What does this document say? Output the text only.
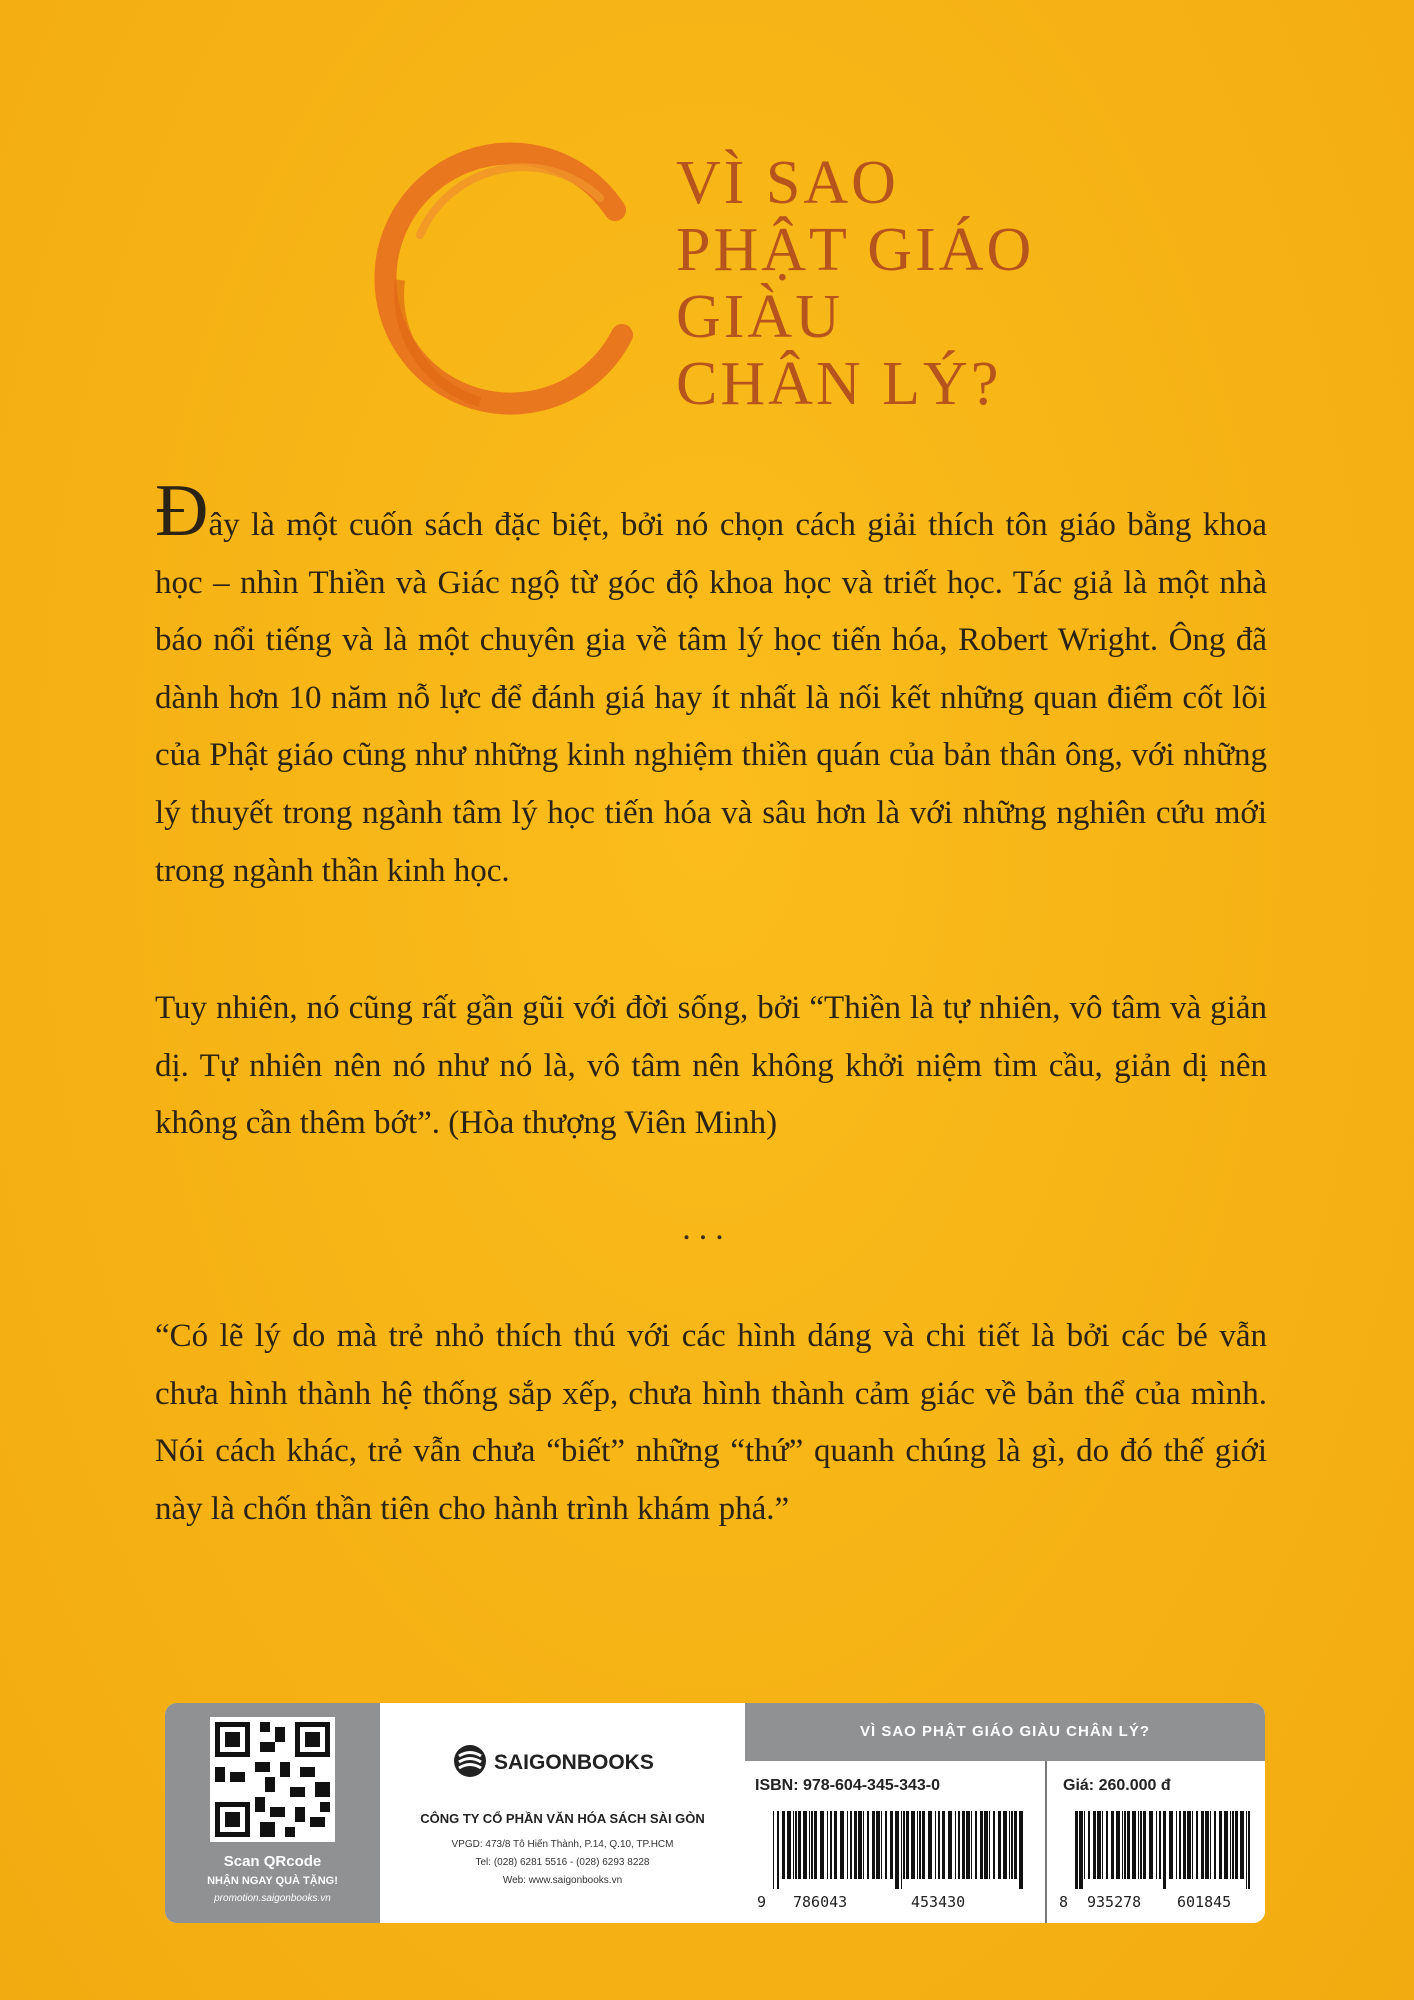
VÌ SAO
PHẬT GIÁO
GIÀU
CHÂN LÝ?

Đây là một cuốn sách đặc biệt, bởi nó chọn cách giải thích tôn giáo bằng khoa học – nhìn Thiền và Giác ngộ từ góc độ khoa học và triết học. Tác giả là một nhà báo nổi tiếng và là một chuyên gia về tâm lý học tiến hóa, Robert Wright. Ông đã dành hơn 10 năm nỗ lực để đánh giá hay ít nhất là nối kết những quan điểm cốt lõi của Phật giáo cũng như những kinh nghiệm thiền quán của bản thân ông, với những lý thuyết trong ngành tâm lý học tiến hóa và sâu hơn là với những nghiên cứu mới trong ngành thần kinh học.

Tuy nhiên, nó cũng rất gần gũi với đời sống, bởi “Thiền là tự nhiên, vô tâm và giản dị. Tự nhiên nên nó như nó là, vô tâm nên không khởi niệm tìm cầu, giản dị nên không cần thêm bớt”. (Hòa thượng Viên Minh)

...

“Có lẽ lý do mà trẻ nhỏ thích thú với các hình dáng và chi tiết là bởi các bé vẫn chưa hình thành hệ thống sắp xếp, chưa hình thành cảm giác về bản thể của mình. Nói cách khác, trẻ vẫn chưa “biết” những “thứ” quanh chúng là gì, do đó thế giới này là chốn thần tiên cho hành trình khám phá.”

Scan QRcode
NHẬN NGAY QUÀ TẶNG!
promotion.saigonbooks.vn
SAIGONBOOKS
CÔNG TY CỔ PHẦN VĂN HÓA SÁCH SÀI GÒN
VPGD: 473/8 Tô Hiến Thành, P.14, Q.10, TP.HCM
Tel: (028) 6281 5516 - (028) 6293 8228
Web: www.saigonbooks.vn
VÌ SAO PHẬT GIÁO GIÀU CHÂN LÝ?
ISBN: 978-604-345-343-0	Giá: 260.000 đ
9 786043	453430	8 935278 601845
